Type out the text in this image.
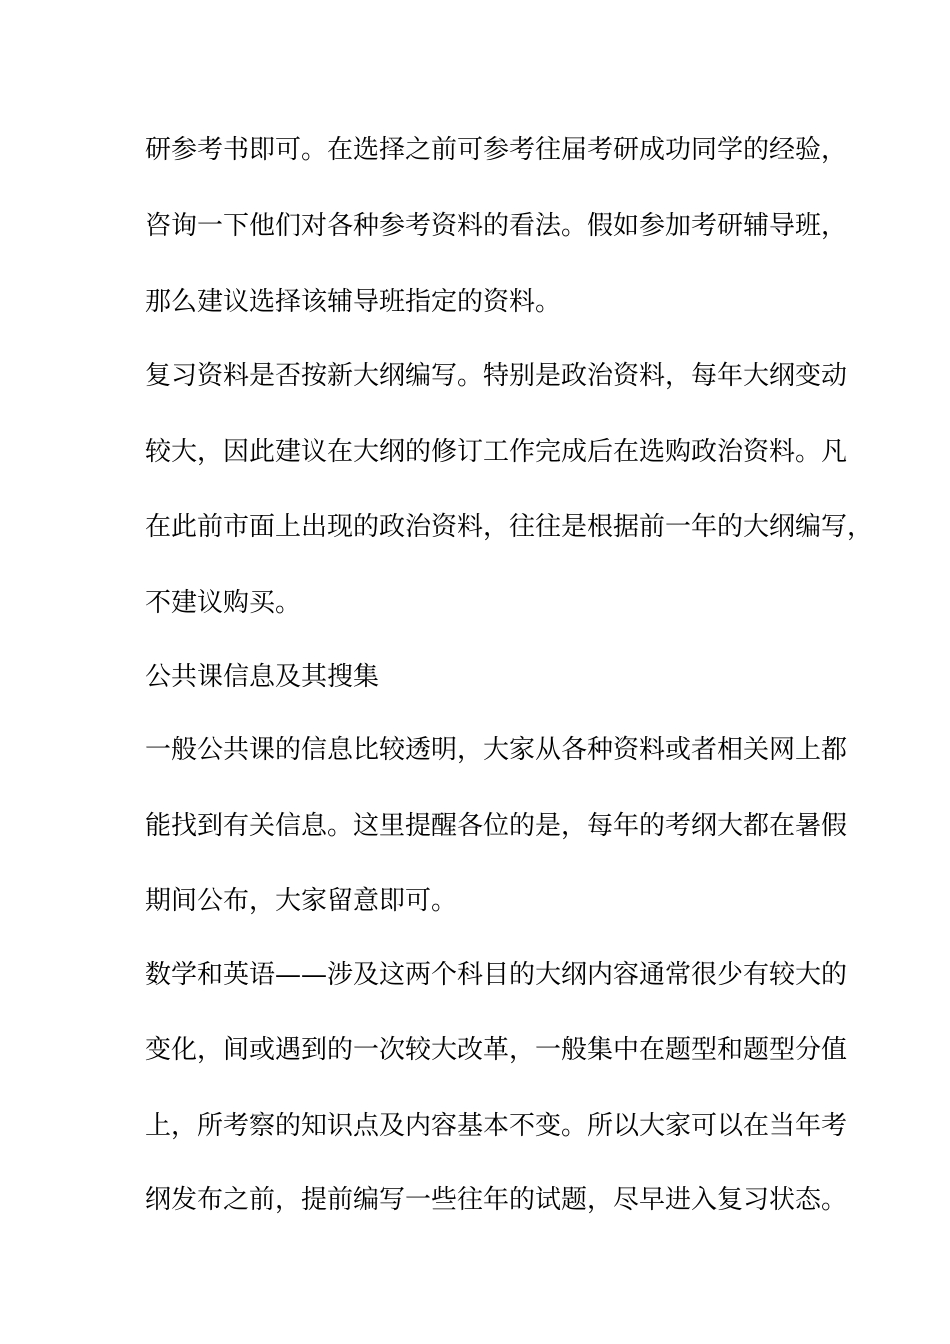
研参考书即可。在选择之前可参考往届考研成功同学的经验，
咨询一下他们对各种参考资料的看法。假如参加考研辅导班，
那么建议选择该辅导班指定的资料。
复习资料是否按新大纲编写。特别是政治资料，每年大纲变动
较大，因此建议在大纲的修订工作完成后在选购政治资料。凡
在此前市面上出现的政治资料，往往是根据前一年的大纲编写，
不建议购买。
公共课信息及其搜集
一般公共课的信息比较透明，大家从各种资料或者相关网上都
能找到有关信息。这里提醒各位的是，每年的考纲大都在暑假
期间公布，大家留意即可。
数学和英语——涉及这两个科目的大纲内容通常很少有较大的
变化，间或遇到的一次较大改革，一般集中在题型和题型分值
上，所考察的知识点及内容基本不变。所以大家可以在当年考
纲发布之前，提前编写一些往年的试题，尽早进入复习状态。
